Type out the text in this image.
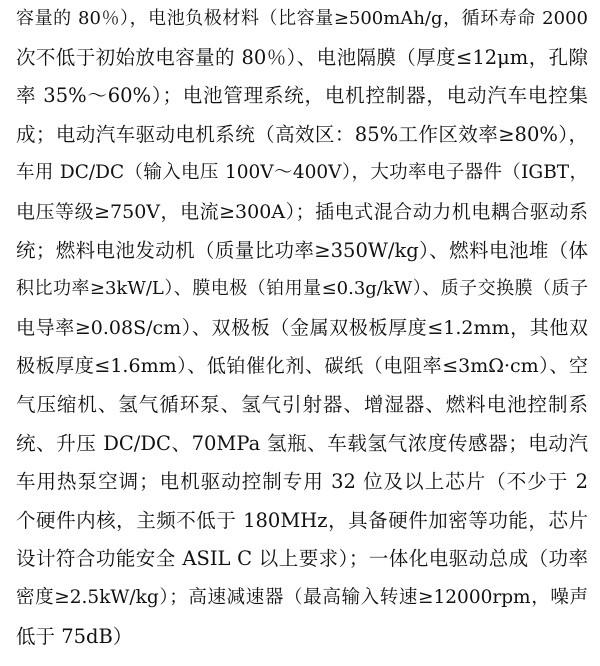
容量的 80％），电池负极材料（比容量≥500mAh/g，循环寿命 2000
次不低于初始放电容量的 80％）、电池隔膜（厚度≤12μm，孔隙
率 35%～60%）；电池管理系统，电机控制器，电动汽车电控集
成；电动汽车驱动电机系统（高效区：85%工作区效率≥80%），
车用 DC/DC（输入电压 100V～400V），大功率电子器件（IGBT，
电压等级≥750V，电流≥300A）；插电式混合动力机电耦合驱动系
统；燃料电池发动机（质量比功率≥350W/kg）、燃料电池堆（体
积比功率≥3kW/L）、膜电极（铂用量≤0.3g/kW）、质子交换膜（质子
电导率≥0.08S/cm）、双极板（金属双极板厚度≤1.2mm，其他双
极板厚度≤1.6mm）、低铂催化剂、碳纸（电阻率≤3mΩ·cm）、空
气压缩机、氢气循环泵、氢气引射器、增湿器、燃料电池控制系
统、升压 DC/DC、70MPa 氢瓶、车载氢气浓度传感器；电动汽
车用热泵空调；电机驱动控制专用 32 位及以上芯片（不少于 2
个硬件内核，主频不低于 180MHz，具备硬件加密等功能，芯片
设计符合功能安全 ASIL C 以上要求）；一体化电驱动总成（功率
密度≥2.5kW/kg）；高速减速器（最高输入转速≥12000rpm，噪声
低于 75dB）
